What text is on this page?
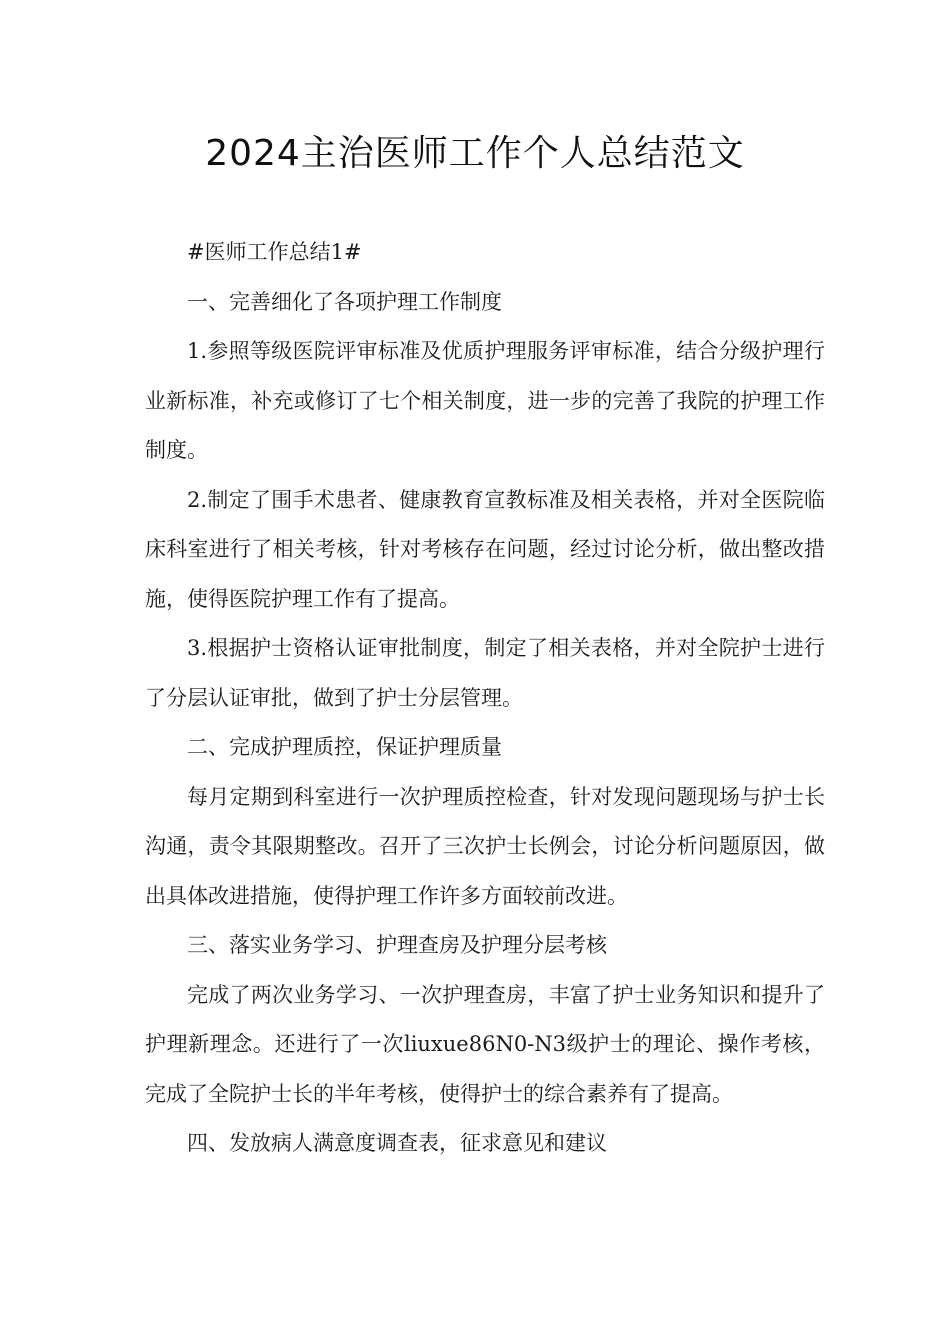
2024主治医师工作个人总结范文

#医师工作总结1#

一、完善细化了各项护理工作制度

1.参照等级医院评审标准及优质护理服务评审标准，结合分级护理行业新标准，补充或修订了七个相关制度，进一步的完善了我院的护理工作制度。

2.制定了围手术患者、健康教育宣教标准及相关表格，并对全医院临床科室进行了相关考核，针对考核存在问题，经过讨论分析，做出整改措施，使得医院护理工作有了提高。

3.根据护士资格认证审批制度，制定了相关表格，并对全院护士进行了分层认证审批，做到了护士分层管理。

二、完成护理质控，保证护理质量

每月定期到科室进行一次护理质控检查，针对发现问题现场与护士长沟通，责令其限期整改。召开了三次护士长例会，讨论分析问题原因，做出具体改进措施，使得护理工作许多方面较前改进。

三、落实业务学习、护理查房及护理分层考核

完成了两次业务学习、一次护理查房，丰富了护士业务知识和提升了护理新理念。还进行了一次liuxue86N0-N3级护士的理论、操作考核，完成了全院护士长的半年考核，使得护士的综合素养有了提高。

四、发放病人满意度调查表，征求意见和建议
